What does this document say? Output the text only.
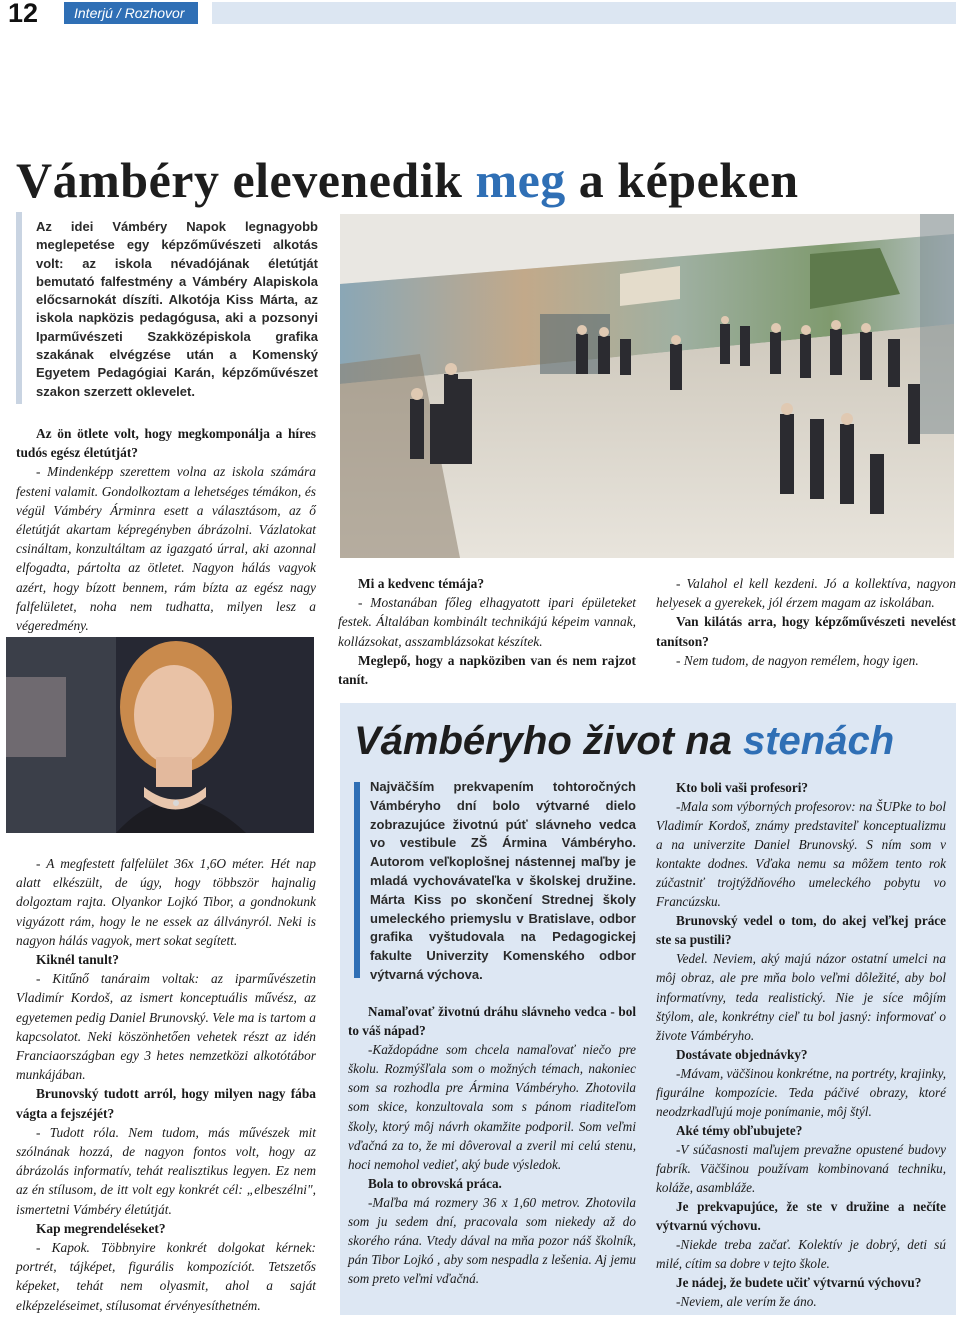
12	Interjú / Rozhovor
Vámbéry elevenedik meg a képeken
Az idei Vámbéry Napok legnagyobb meglepetése egy képzőművészeti alkotás volt: az iskola névadójának életútját bemutató falfestmény a Vámbéry Alapiskola előcsarnokát díszíti. Alkotója Kiss Márta, az iskola napközis pedagógusa, aki a pozsonyi Iparművészeti Szakközépiskola grafika szakának elvégzése után a Komenský Egyetem Pedagógiai Karán, képzőművészet szakon szerzett oklevelet.

Az ön ötlete volt, hogy megkomponálja a híres tudós egész életútját?

- Mindenképp szerettem volna az iskola számára festeni valamit. Gondolkoztam a lehetséges témákon, és végül Vámbéry Árminra esett a választásom, az ő életútját akartam képregényben ábrázolni. Vázlatokat csináltam, konzultáltam az igazgató úrral, aki azonnal elfogadta, pártolta az ötletet. Nagyon hálás vagyok azért, hogy bízott bennem, rám bízta az egész nagy falfelületet, noha nem tudhatta, milyen lesz a végeredmény.

- A megfestett falfelület 36x 1,6O méter. Hét nap alatt elkészült, de úgy, hogy többször hajnalig dolgoztam rajta. Olyankor Lojkó Tibor, a gondnokunk vigyázott rám, hogy le ne essek az állványról. Neki is nagyon hálás vagyok, mert sokat segített.

Kiknél tanult?

- Kitűnő tanáraim voltak: az iparművészetin Vladimír Kordoš, az ismert konceptuális művész, az egyetemen pedig Daniel Brunovský. Vele ma is tartom a kapcsolatot. Neki köszönhetően vehetek részt az idén Franciaországban egy 3 hetes nemzetközi alkotótábor munkájában.

Brunovský tudott arról, hogy milyen nagy fába vágta a fejszéjét?

- Tudott róla. Nem tudom, más művészek mit szólnának hozzá, de nagyon fontos volt, hogy az ábrázolás informatív, tehát realisztikus legyen. Ez nem az én stílusom, de itt volt egy konkrét cél: „elbeszélni", ismertetni Vámbéry életútját.

Kap megrendeléseket?

- Kapok. Többnyire konkrét dolgokat kérnek: portrét, tájképet, figurális kompozíciót. Tetszetős képeket, tehát nem olyasmit, ahol a saját elképzeléseimet, stílusomat érvényesíthetném.

Mi a kedvenc témája?

- Mostanában főleg elhagyatott ipari épületeket festek. Általában kombinált technikájú képeim vannak, kollázsokat, asszamblázsokat készítek.

Meglepő, hogy a napköziben van és nem rajzot tanít.

- Valahol el kell kezdeni. Jó a kollektíva, nagyon helyesek a gyerekek, jól érzem magam az iskolában.

Van kilátás arra, hogy képzőművészeti nevelést tanítson?

- Nem tudom, de nagyon remélem, hogy igen.

Vámbéryho život na stenách
Najväčším prekvapením tohtoročných Vámbéryho dní bolo výtvarné dielo zobrazujúce životnú púť slávneho vedca vo vestibule ZŠ Ármina Vámbéryho. Autorom veľkoplošnej nástennej maľby je mladá vychovávateľka v školskej družine. Márta Kiss po skončení Strednej školy umeleckého priemyslu v Bratislave, odbor grafika vyštudovala na Pedagogickej fakulte Univerzity Komenského odbor výtvarná výchova.

Namaľovať životnú dráhu slávneho vedca - bol to váš nápad?

-Každopádne som chcela namaľovať niečo pre školu. Rozmýšľala som o možných témach, nakoniec som sa rozhodla pre Ármina Vámbéryho. Zhotovila som skice, konzultovala som s pánom riaditeľom školy, ktorý môj návrh okamžite podporil. Som veľmi vďačná za to, že mi dôveroval a zveril mi celú stenu, hoci nemohol vedieť, aký bude výsledok.

Bola to obrovská práca.

-Maľba má rozmery 36 x 1,60 metrov. Zhotovila som ju sedem dní, pracovala som niekedy až do skorého rána. Vtedy dával na mňa pozor náš školník, pán Tibor Lojkó , aby som nespadla z lešenia. Aj jemu som preto veľmi vďačná.

Kto boli vaši profesori?

-Mala som výborných profesorov: na ŠUPke to bol Vladimír Kordoš, známy predstaviteľ konceptualizmu a na univerzite Daniel Brunovský. S ním som v kontakte dodnes. Vďaka nemu sa môžem tento rok zúčastniť trojtýždňového umeleckého pobytu vo Francúzsku.

Brunovský vedel o tom, do akej veľkej práce ste sa pustili?

Vedel. Neviem, aký majú názor ostatní umelci na môj obraz, ale pre mňa bolo veľmi dôležité, aby bol informatívny, teda realistický. Nie je síce môjím štýlom, ale, konkrétny cieľ tu bol jasný: informovať o živote Vámbéryho.

Dostávate objednávky?

-Mávam, väčšinou konkrétne, na portréty, krajinky, figurálne kompozície. Teda páčivé obrazy, ktoré neodzrkadľujú moje ponímanie, môj štýl.

Aké témy obľubujete?

-V súčasnosti maľujem prevažne opustené budovy fabrík. Väčšinou používam kombinovaná techniku, koláže, asambláže.

Je prekvapujúce, že ste v družine a nečíte výtvarnú výchovu.

-Niekde treba začať. Kolektív je dobrý, deti sú milé, cítim sa dobre v tejto škole.

Je nádej, že budete učiť výtvarnú výchovu?

-Neviem, ale verím že áno.
